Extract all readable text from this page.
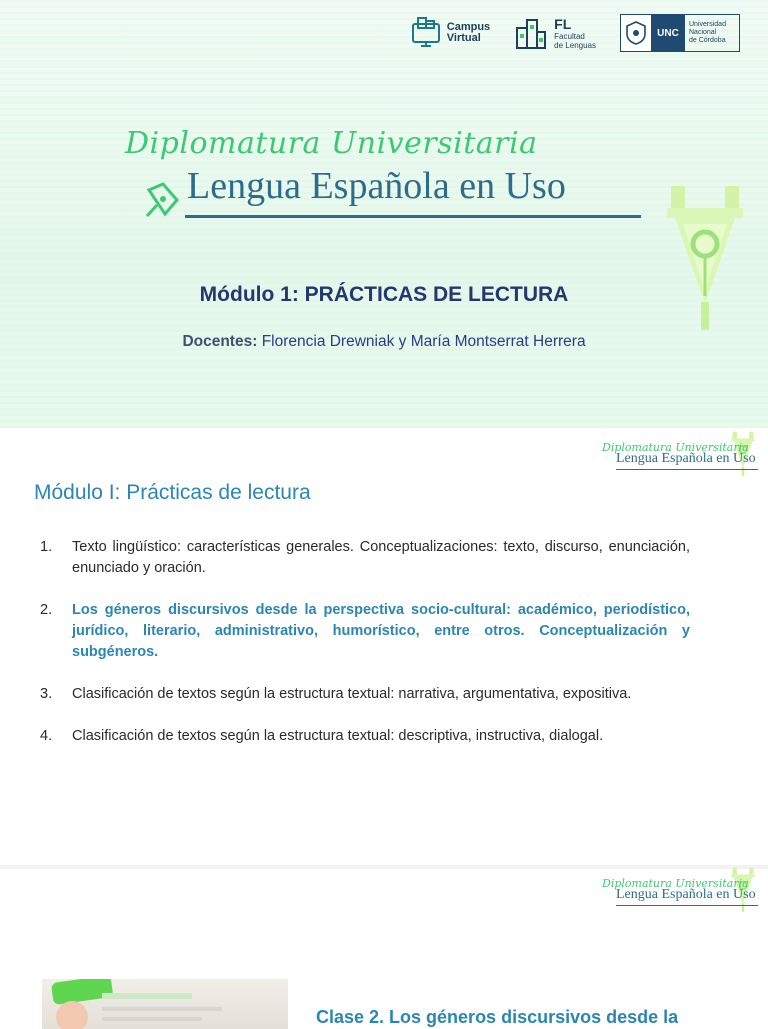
Campus
Virtual
FL
Facultad
de Lenguas
UNC
Universidad
Nacional
de Córdoba
Diplomatura Universitaria
Lengua Española en Uso
Módulo 1: PRÁCTICAS DE LECTURA
Docentes: Florencia Drewniak y María Montserrat Herrera
Diplomatura Universitaria
Lengua Española en Uso
Módulo I: Prácticas de lectura
1.	Texto lingüístico: características generales. Conceptualizaciones: texto, discurso, enunciación, enunciado y oración.
2.	Los géneros discursivos desde la perspectiva socio-cultural: académico, periodístico, jurídico, literario, administrativo, humorístico, entre otros. Conceptualización y subgéneros.
3.	Clasificación de textos según la estructura textual: narrativa, argumentativa, expositiva.
4.	Clasificación de textos según la estructura textual: descriptiva, instructiva, dialogal.
Diplomatura Universitaria
Lengua Española en Uso
Clase 2. Los géneros discursivos desde la
